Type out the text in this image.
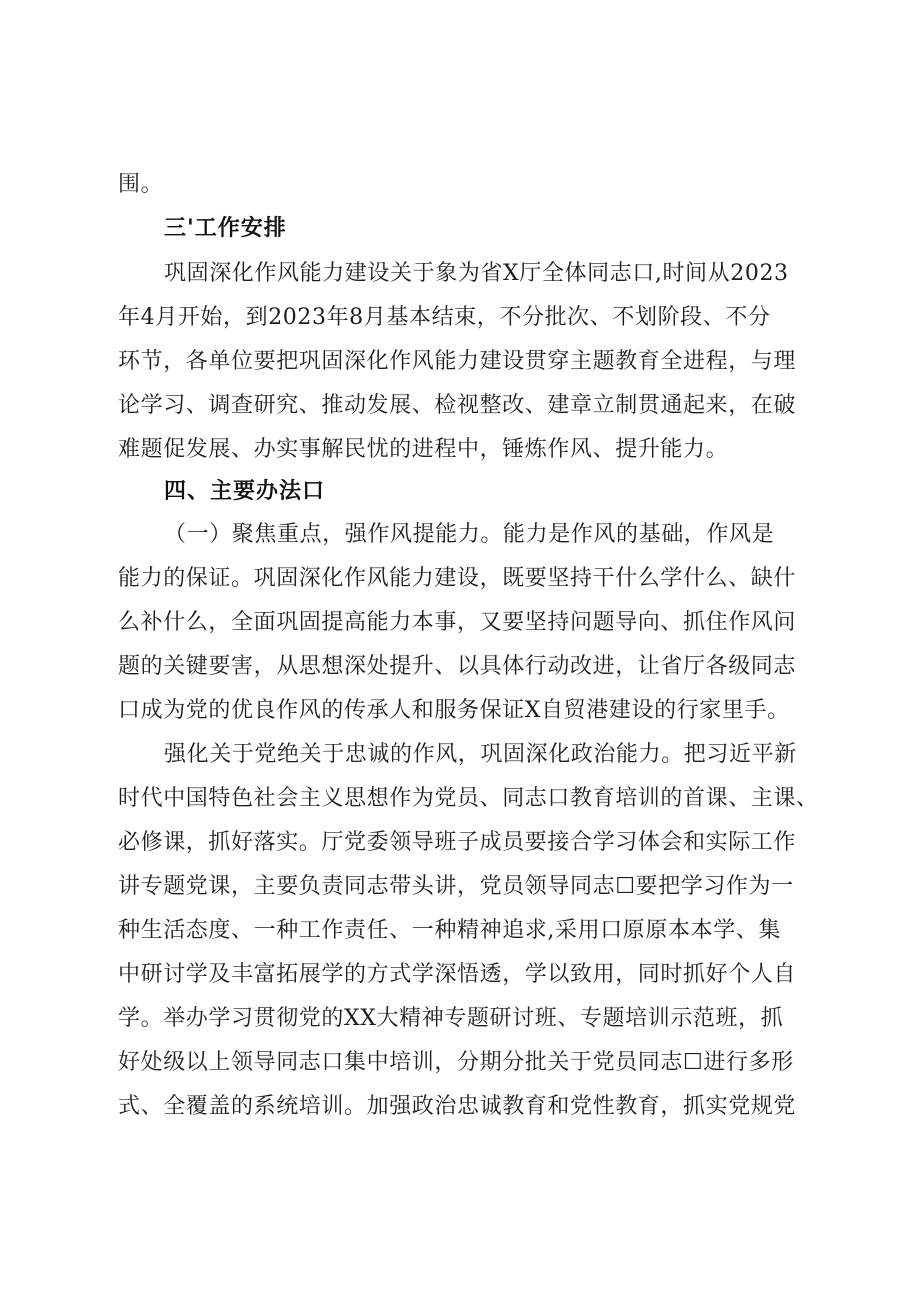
围。
三'工作安排
巩固深化作风能力建设关于象为省X厅全体同志口,时间从2023
年4月开始，到2023年8月基本结束，不分批次、不划阶段、不分
环节，各单位要把巩固深化作风能力建设贯穿主题教育全进程，与理
论学习、调查研究、推动发展、检视整改、建章立制贯通起来，在破
难题促发展、办实事解民忧的进程中，锤炼作风、提升能力。
四、主要办法口
（一）聚焦重点，强作风提能力。能力是作风的基础，作风是
能力的保证。巩固深化作风能力建设，既要坚持干什么学什么、缺什
么补什么，全面巩固提高能力本事，又要坚持问题导向、抓住作风问
题的关键要害，从思想深处提升、以具体行动改进，让省厅各级同志
口成为党的优良作风的传承人和服务保证X自贸港建设的行家里手。
强化关于党绝关于忠诚的作风，巩固深化政治能力。把习近平新
时代中国特色社会主义思想作为党员、同志口教育培训的首课、主课、
必修课，抓好落实。厅党委领导班子成员要接合学习体会和实际工作
讲专题党课，主要负责同志带头讲，党员领导同志☐要把学习作为一
种生活态度、一种工作责任、一种精神追求,采用口原原本本学、集
中研讨学及丰富拓展学的方式学深悟透，学以致用，同时抓好个人自
学。举办学习贯彻党的XX大精神专题研讨班、专题培训示范班，抓
好处级以上领导同志口集中培训，分期分批关于党员同志☐进行多形
式、全覆盖的系统培训。加强政治忠诚教育和党性教育，抓实党规党
